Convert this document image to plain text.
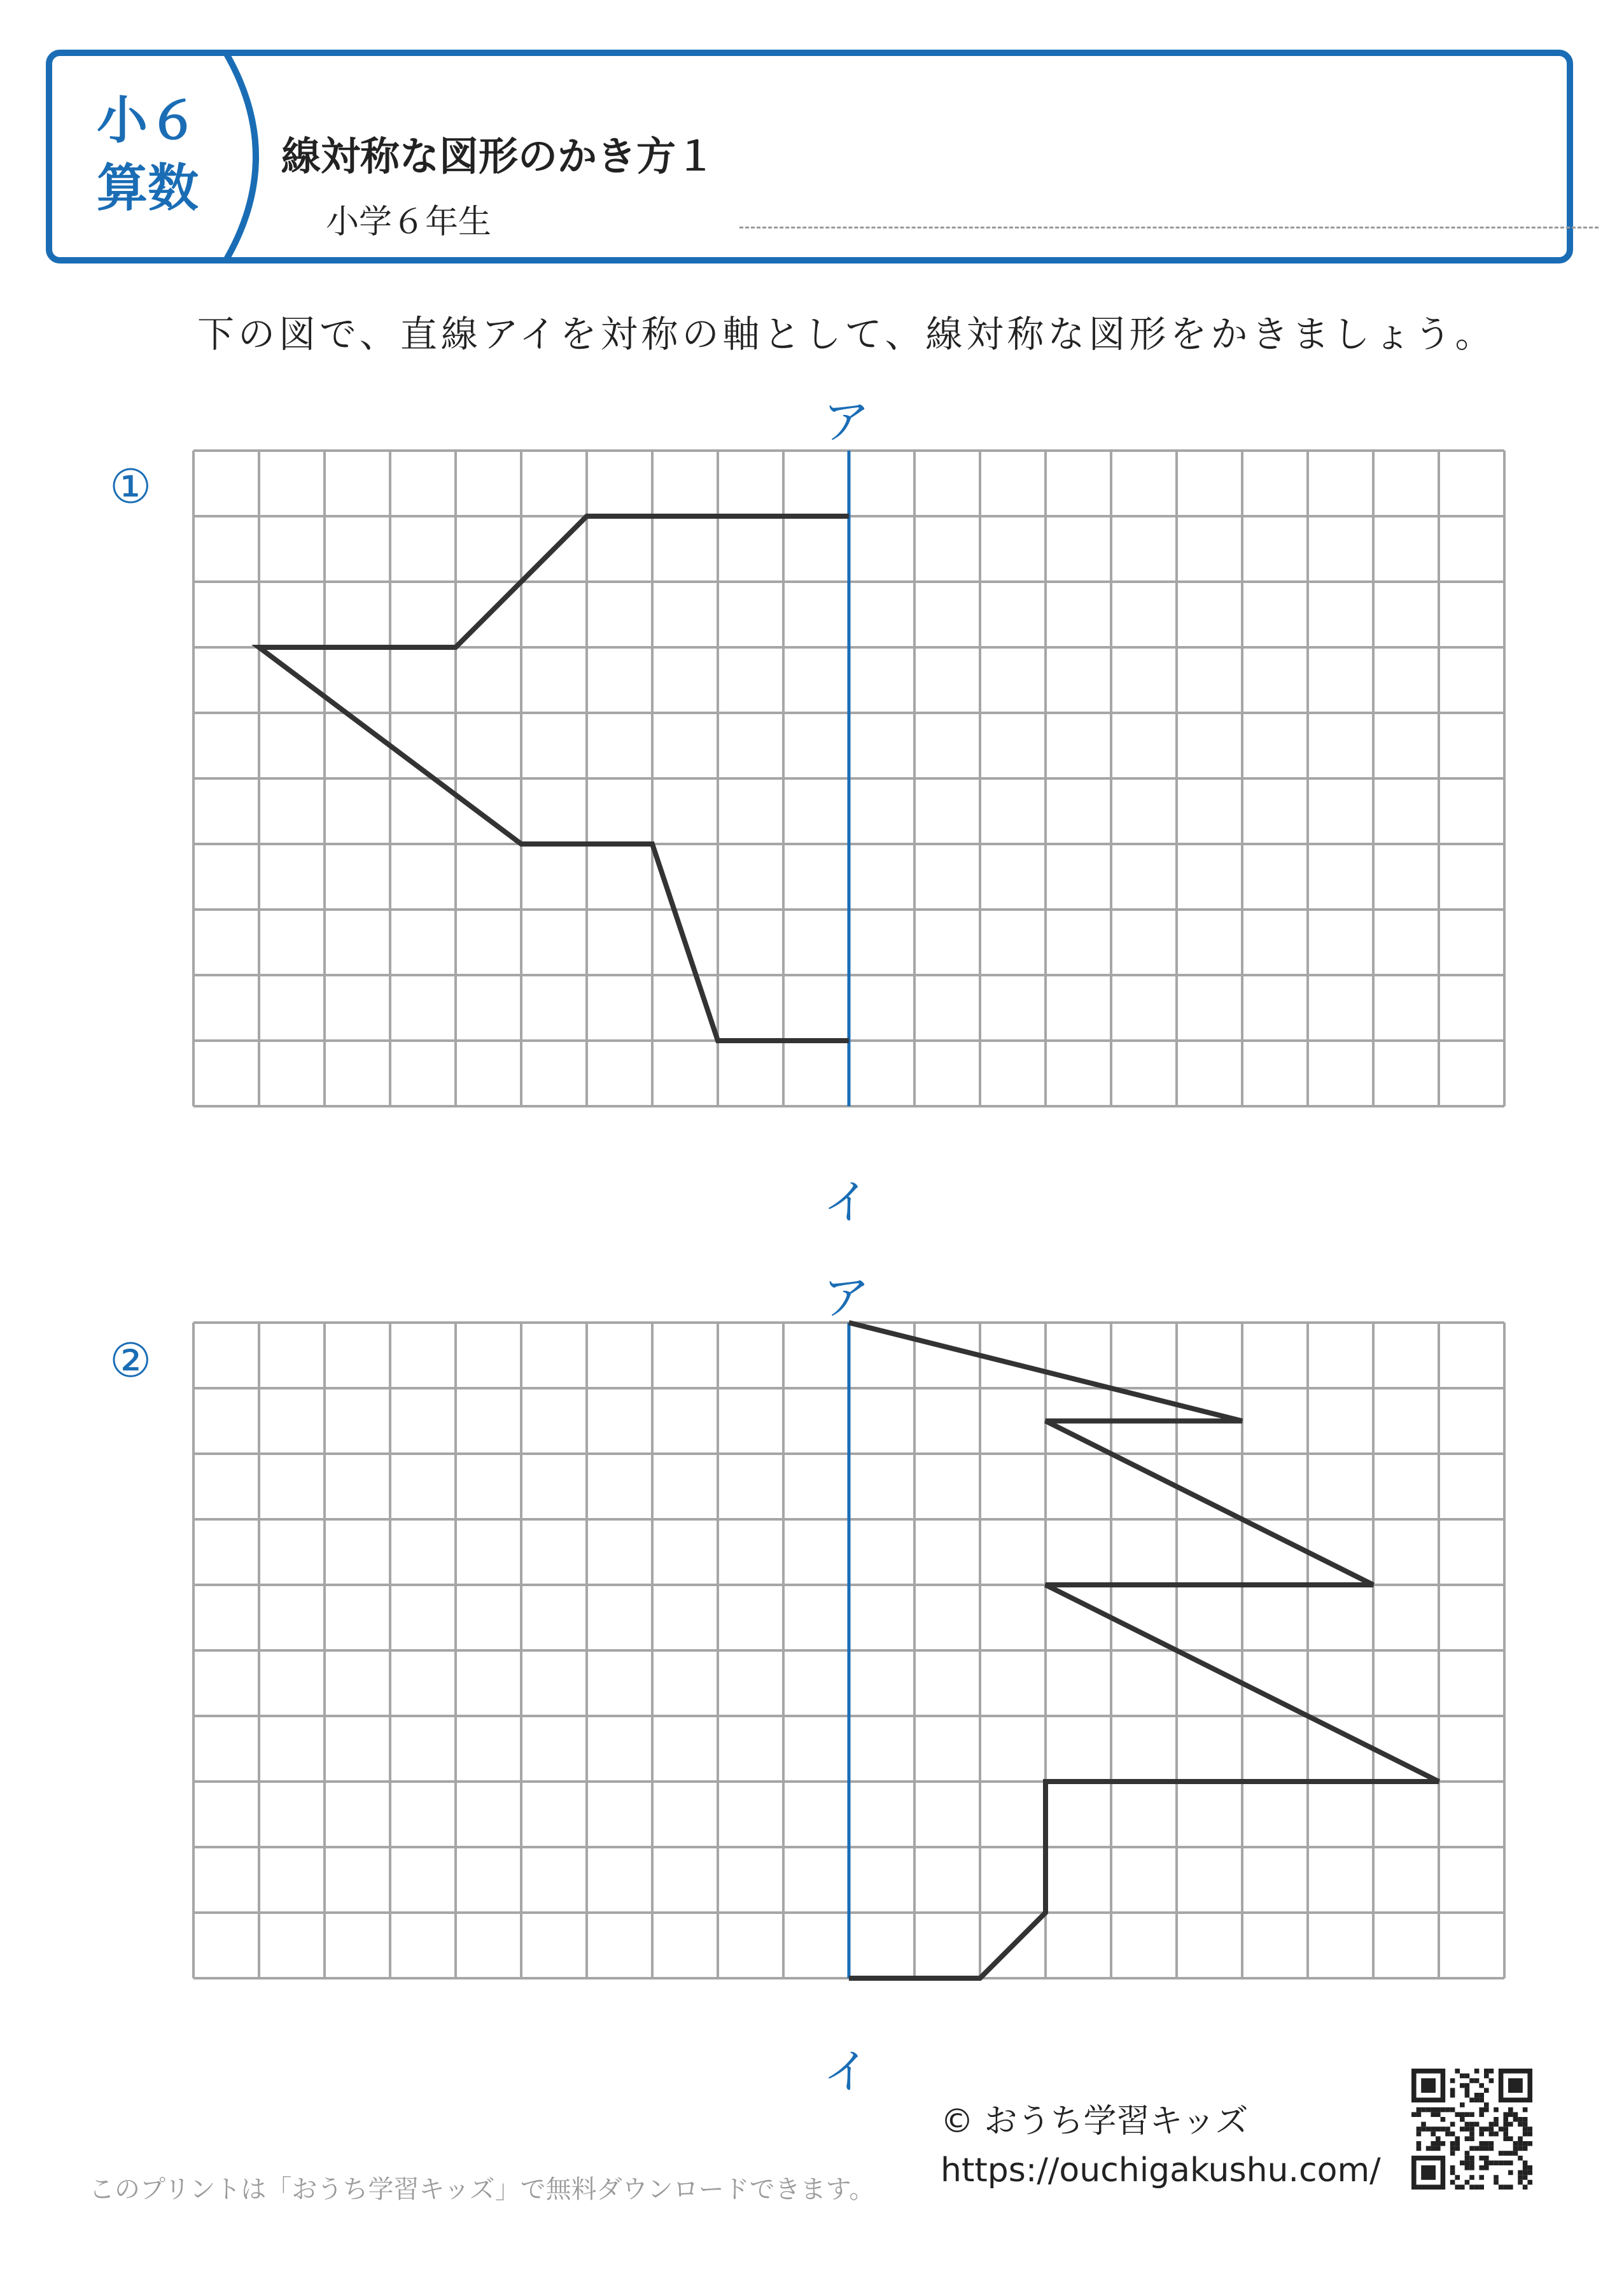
小６
算数
線対称な図形のかき方１
小学６年生
下の図で、直線アイを対称の軸として、線対称な図形をかきましょう。
①
ア
イ
②
ア
イ
© おうち学習キッズ
https://ouchigakushu.com/
このプリントは「おうち学習キッズ」で無料ダウンロードできます。
